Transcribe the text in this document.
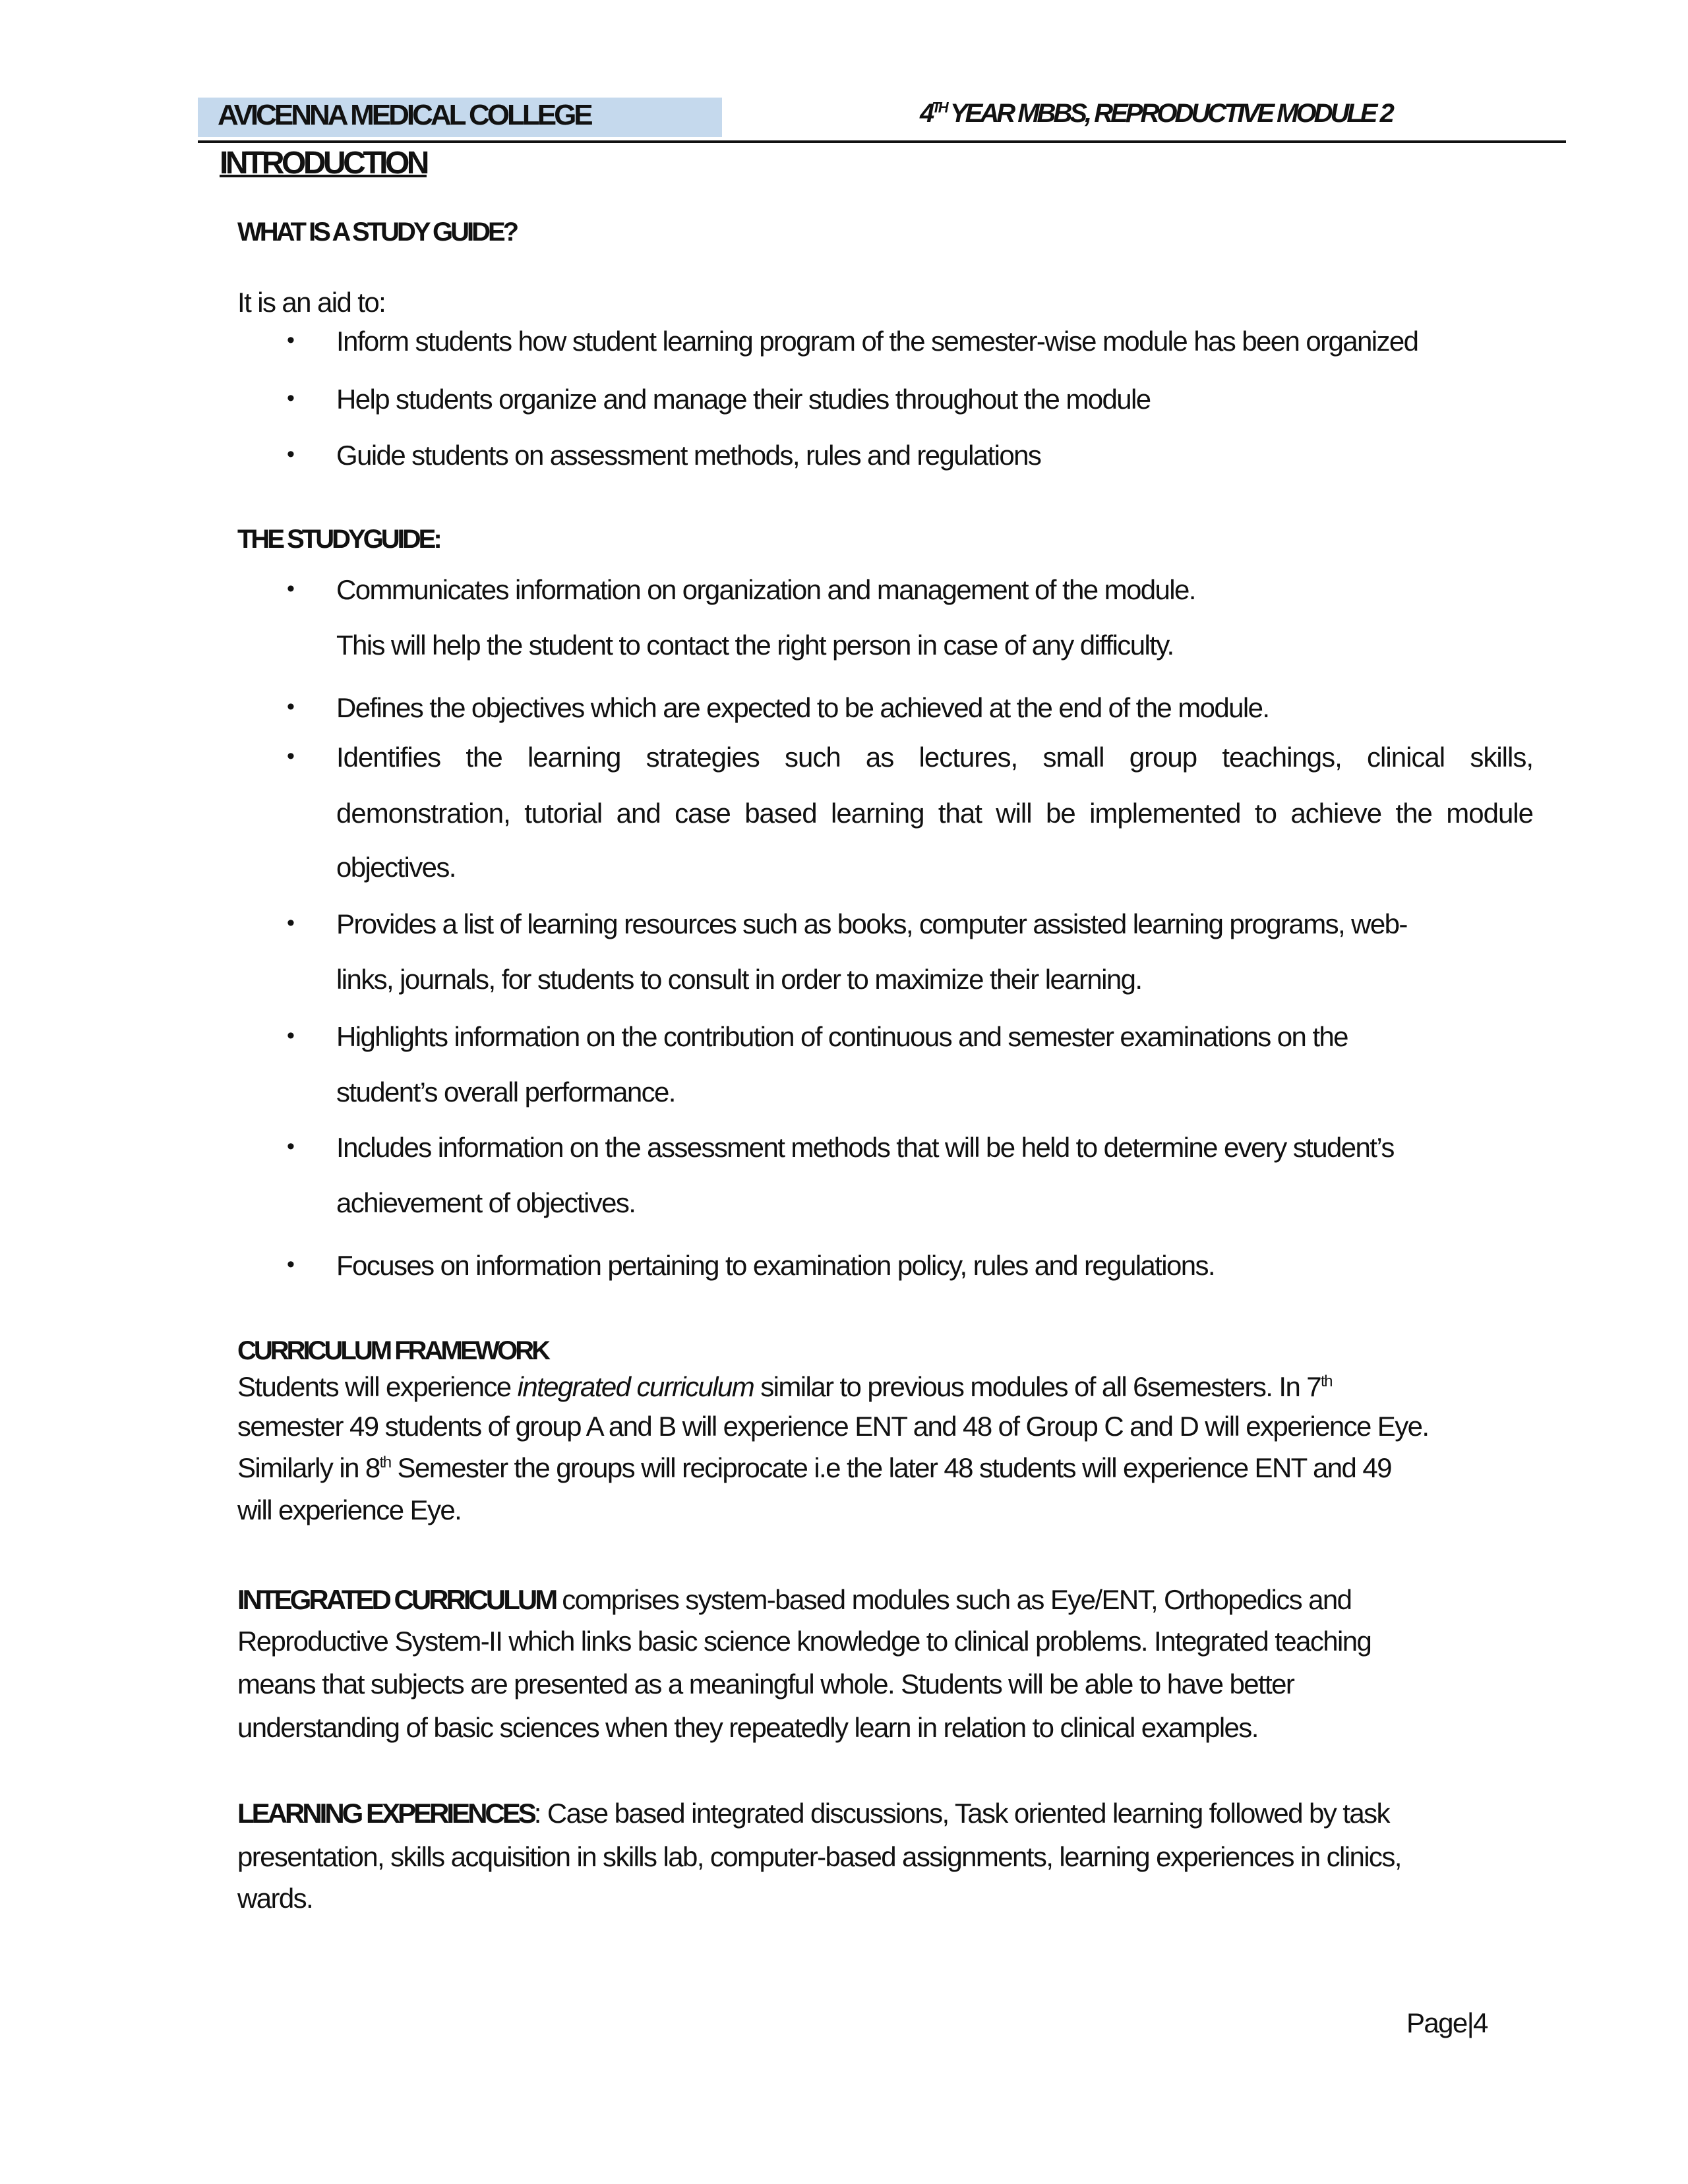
AVICENNA MEDICAL COLLEGE	4TH YEAR MBBS, REPRODUCTIVE MODULE 2
INTRODUCTION
WHAT IS A STUDY GUIDE?
It is an aid to:
• Inform students how student learning program of the semester-wise module has been organized
• Help students organize and manage their studies throughout the module
• Guide students on assessment methods, rules and regulations
THE STUDYGUIDE:
• Communicates information on organization and management of the module.
This will help the student to contact the right person in case of any difficulty.
• Defines the objectives which are expected to be achieved at the end of the module.
• Identifies the learning strategies such as lectures, small group teachings, clinical skills,
demonstration, tutorial and case based learning that will be implemented to achieve the module
objectives.
• Provides a list of learning resources such as books, computer assisted learning programs, web-
links, journals, for students to consult in order to maximize their learning.
• Highlights information on the contribution of continuous and semester examinations on the
student’s overall performance.
• Includes information on the assessment methods that will be held to determine every student’s
achievement of objectives.
• Focuses on information pertaining to examination policy, rules and regulations.
CURRICULUM FRAMEWORK
Students will experience integrated curriculum similar to previous modules of all 6semesters. In 7th
semester 49 students of group A and B will experience ENT and 48 of Group C and D will experience Eye.
Similarly in 8th Semester the groups will reciprocate i.e the later 48 students will experience ENT and 49
will experience Eye.
INTEGRATED CURRICULUM comprises system-based modules such as Eye/ENT, Orthopedics and
Reproductive System-II which links basic science knowledge to clinical problems. Integrated teaching
means that subjects are presented as a meaningful whole. Students will be able to have better
understanding of basic sciences when they repeatedly learn in relation to clinical examples.
LEARNING EXPERIENCES: Case based integrated discussions, Task oriented learning followed by task
presentation, skills acquisition in skills lab, computer-based assignments, learning experiences in clinics,
wards.
Page|4
